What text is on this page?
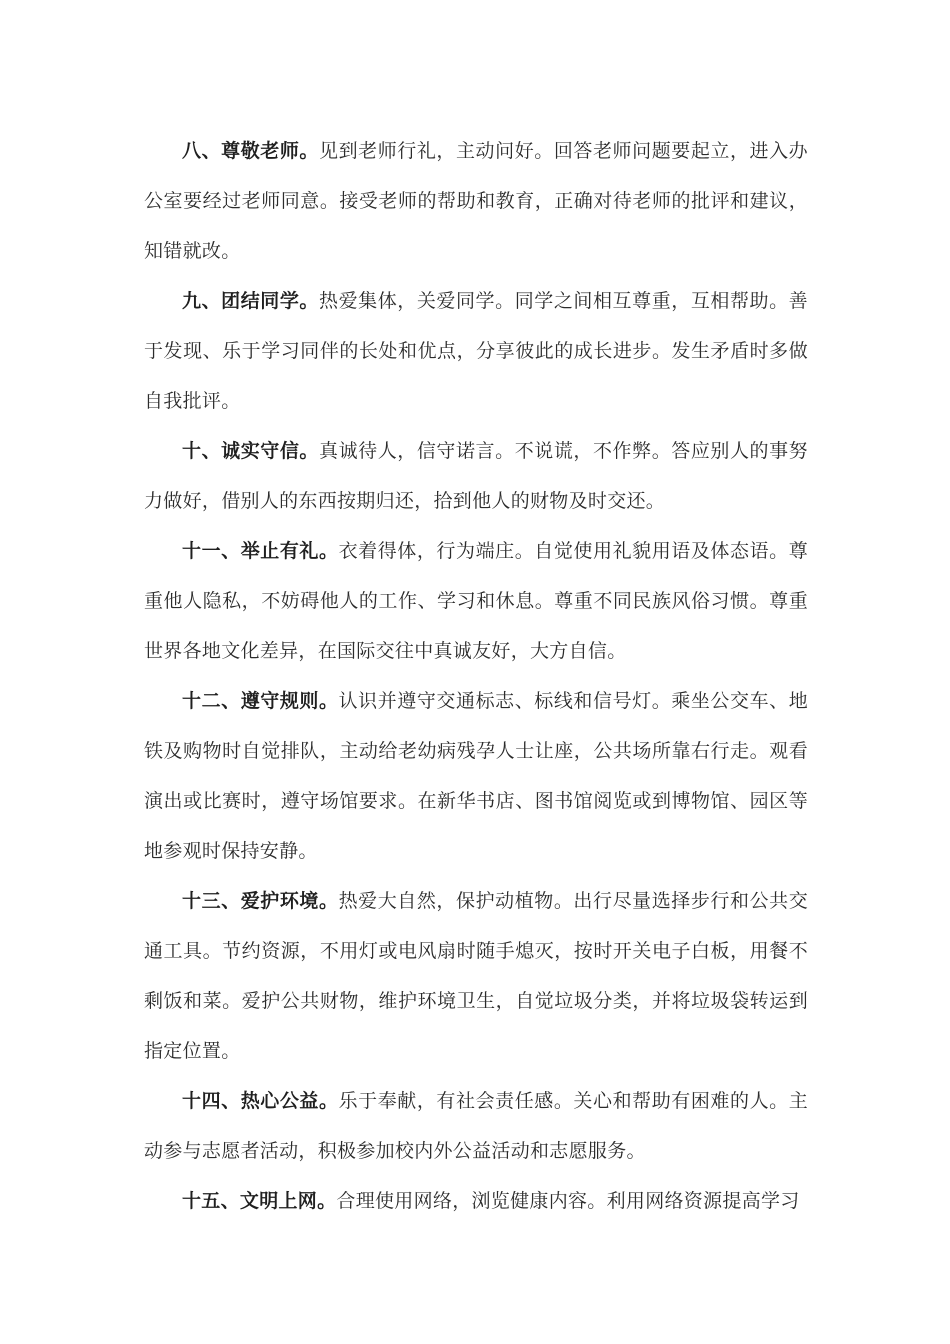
八、尊敬老师。见到老师行礼，主动问好。回答老师问题要起立，进入办公室要经过老师同意。接受老师的帮助和教育，正确对待老师的批评和建议，知错就改。

九、团结同学。热爱集体，关爱同学。同学之间相互尊重，互相帮助。善于发现、乐于学习同伴的长处和优点，分享彼此的成长进步。发生矛盾时多做自我批评。

十、诚实守信。真诚待人，信守诺言。不说谎，不作弊。答应别人的事努力做好，借别人的东西按期归还，拾到他人的财物及时交还。

十一、举止有礼。衣着得体，行为端庄。自觉使用礼貌用语及体态语。尊重他人隐私，不妨碍他人的工作、学习和休息。尊重不同民族风俗习惯。尊重世界各地文化差异，在国际交往中真诚友好，大方自信。

十二、遵守规则。认识并遵守交通标志、标线和信号灯。乘坐公交车、地铁及购物时自觉排队，主动给老幼病残孕人士让座，公共场所靠右行走。观看演出或比赛时，遵守场馆要求。在新华书店、图书馆阅览或到博物馆、园区等地参观时保持安静。

十三、爱护环境。热爱大自然，保护动植物。出行尽量选择步行和公共交通工具。节约资源，不用灯或电风扇时随手熄灭，按时开关电子白板，用餐不剩饭和菜。爱护公共财物，维护环境卫生，自觉垃圾分类，并将垃圾袋转运到指定位置。

十四、热心公益。乐于奉献，有社会责任感。关心和帮助有困难的人。主动参与志愿者活动，积极参加校内外公益活动和志愿服务。

十五、文明上网。合理使用网络，浏览健康内容。利用网络资源提高学习
